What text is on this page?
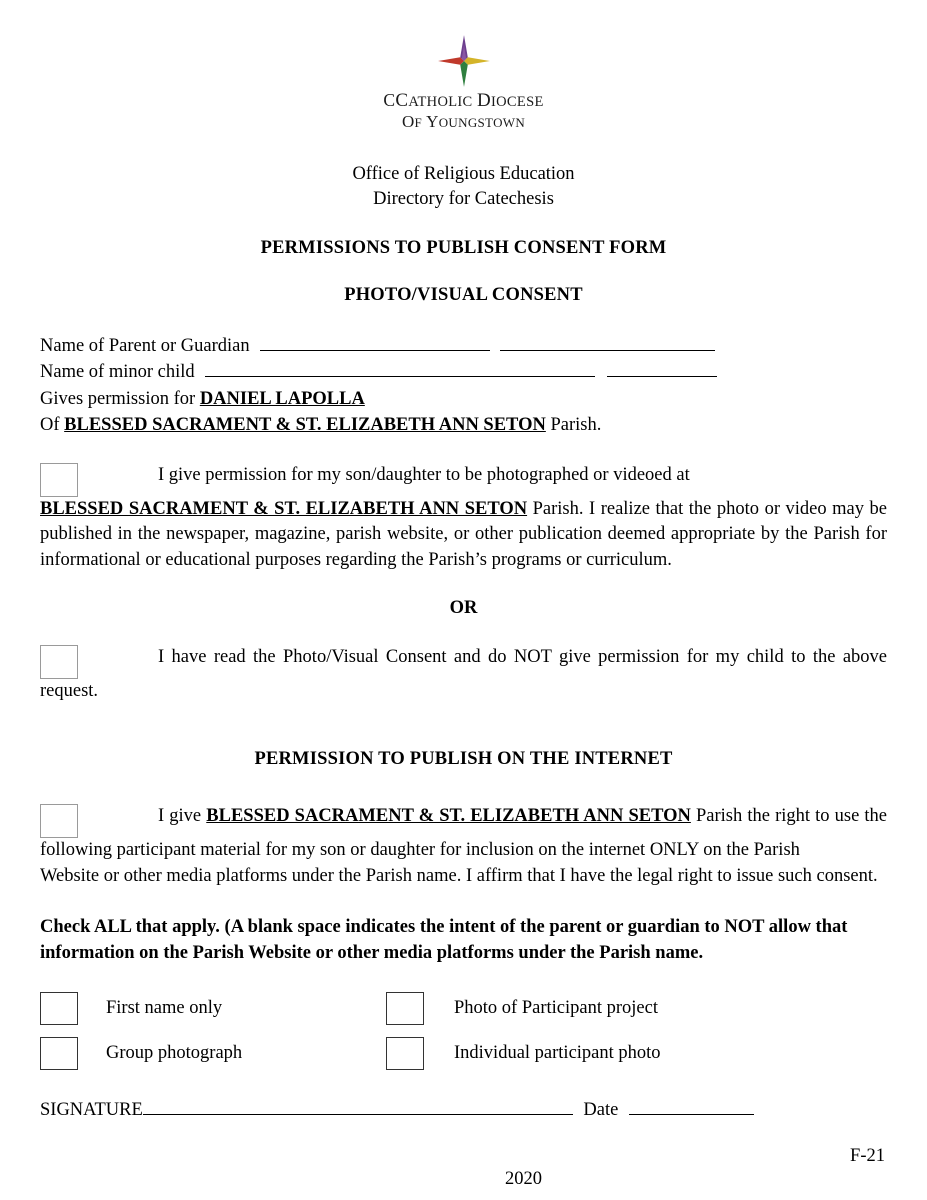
CCATHOLIC DIOCESE
OF YOUNGSTOWN
Office of Religious Education
Directory for Catechesis
PERMISSIONS TO PUBLISH CONSENT FORM
PHOTO/VISUAL CONSENT
Name of Parent or Guardian
Name of minor child
Gives permission for DANIEL LAPOLLA
Of BLESSED SACRAMENT & ST. ELIZABETH ANN SETON Parish.
I give permission for my son/daughter to be photographed or videoed at
BLESSED SACRAMENT & ST. ELIZABETH ANN SETON Parish. I realize that the photo or video may be published in the newspaper, magazine, parish website, or other publication deemed appropriate by the Parish for informational or educational purposes regarding the Parish’s programs or curriculum.
OR
I have read the Photo/Visual Consent and do NOT give permission for my child to the above request.
PERMISSION TO PUBLISH ON THE INTERNET
I give BLESSED SACRAMENT & ST. ELIZABETH ANN SETON Parish the right to use the following participant material for my son or daughter for inclusion on the internet ONLY on the Parish
Website or other media platforms under the Parish name. I affirm that I have the legal right to issue such consent.
Check ALL that apply. (A blank space indicates the intent of the parent or guardian to NOT allow that information on the Parish Website or other media platforms under the Parish name.
	First name only		Photo of Participant project
	Group photograph		Individual participant photo
SIGNATURE	Date
F-21
2020
